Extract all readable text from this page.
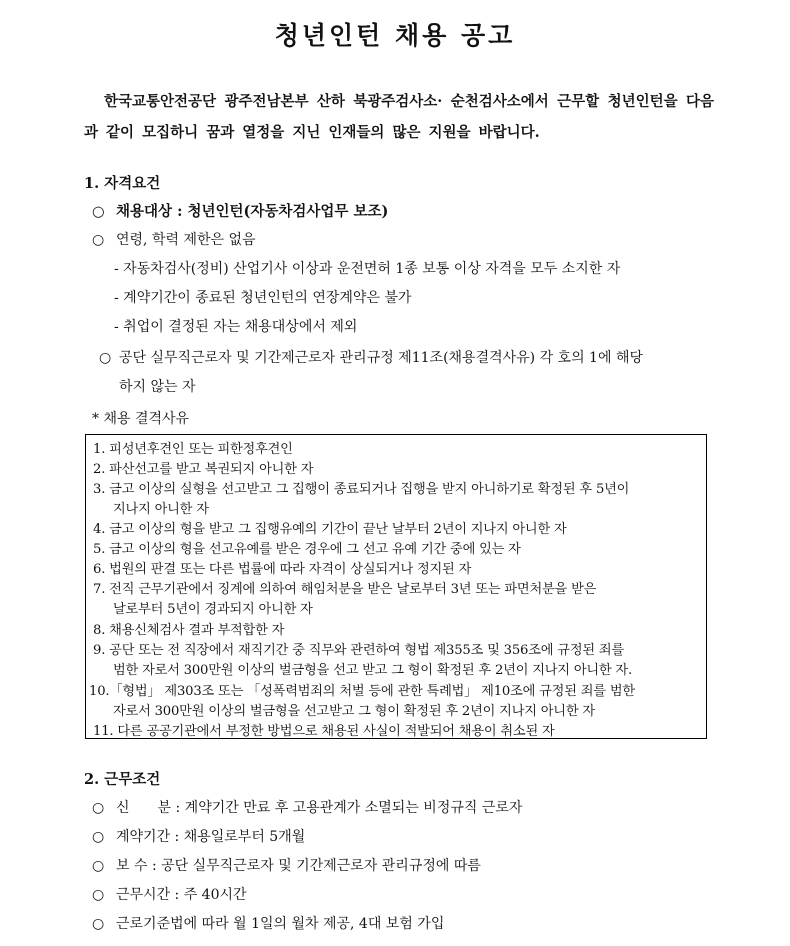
청년인턴 채용 공고
한국교통안전공단 광주전남본부 산하 북광주검사소· 순천검사소에서 근무할 청년인턴을 다음과 같이 모집하니 꿈과 열정을 지닌 인재들의 많은 지원을 바랍니다.
1. 자격요건
○ 채용대상 : 청년인턴(자동차검사업무 보조)
○ 연령, 학력 제한은 없음
- 자동차검사(정비) 산업기사 이상과 운전면허 1종 보통 이상 자격을 모두 소지한 자
- 계약기간이 종료된 청년인턴의 연장계약은 불가
- 취업이 결정된 자는 채용대상에서 제외
○ 공단 실무직근로자 및 기간제근로자 관리규정 제11조(채용결격사유) 각 호의 1에 해당
하지 않는 자
* 채용 결격사유
1. 피성년후견인 또는 피한정후견인
2. 파산선고를 받고 복권되지 아니한 자
3. 금고 이상의 실형을 선고받고 그 집행이 종료되거나 집행을 받지 아니하기로 확정된 후 5년이
지나지 아니한 자
4. 금고 이상의 형을 받고 그 집행유예의 기간이 끝난 날부터 2년이 지나지 아니한 자
5. 금고 이상의 형을 선고유예를 받은 경우에 그 선고 유예 기간 중에 있는 자
6. 법원의 판결 또는 다른 법률에 따라 자격이 상실되거나 정지된 자
7. 전직 근무기관에서 징계에 의하여 해임처분을 받은 날로부터 3년 또는 파면처분을 받은
날로부터 5년이 경과되지 아니한 자
8. 채용신체검사 결과 부적합한 자
9. 공단 또는 전 직장에서 재직기간 중 직무와 관련하여 형법 제355조 및 356조에 규정된 죄를
범한 자로서 300만원 이상의 벌금형을 선고 받고 그 형이 확정된 후 2년이 지나지 아니한 자.
10.「형법」 제303조 또는 「성폭력범죄의 처벌 등에 관한 특례법」 제10조에 규정된 죄를 범한
자로서 300만원 이상의 벌금형을 선고받고 그 형이 확정된 후 2년이 지나지 아니한 자
11. 다른 공공기관에서 부정한 방법으로 채용된 사실이 적발되어 채용이 취소된 자
2. 근무조건
○ 신　　분 : 계약기간 만료 후 고용관계가 소멸되는 비정규직 근로자
○ 계약기간 : 채용일로부터 5개월
○ 보 수 : 공단 실무직근로자 및 기간제근로자 관리규정에 따름
○ 근무시간 : 주 40시간
○ 근로기준법에 따라 월 1일의 월차 제공, 4대 보험 가입
